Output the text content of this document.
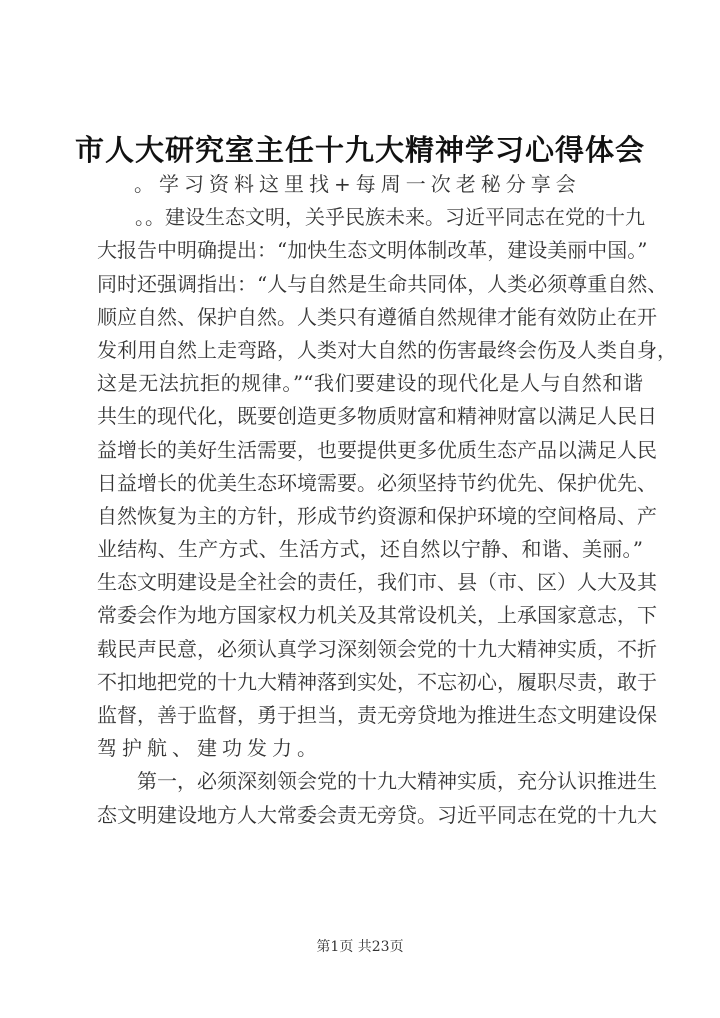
市人大研究室主任十九大精神学习心得体会
。学习资料这里找+每周一次老秘分享会
。。建设生态文明，关乎民族未来。习近平同志在党的十九
大报告中明确提出：“加快生态文明体制改革，建设美丽中国。”
同时还强调指出：“人与自然是生命共同体，人类必须尊重自然、
顺应自然、保护自然。人类只有遵循自然规律才能有效防止在开
发利用自然上走弯路，人类对大自然的伤害最终会伤及人类自身，
这是无法抗拒的规律。”“我们要建设的现代化是人与自然和谐
共生的现代化，既要创造更多物质财富和精神财富以满足人民日
益增长的美好生活需要，也要提供更多优质生态产品以满足人民
日益增长的优美生态环境需要。必须坚持节约优先、保护优先、
自然恢复为主的方针，形成节约资源和保护环境的空间格局、产
业结构、生产方式、生活方式，还自然以宁静、和谐、美丽。”
生态文明建设是全社会的责任，我们市、县（市、区）人大及其
常委会作为地方国家权力机关及其常设机关，上承国家意志，下
载民声民意，必须认真学习深刻领会党的十九大精神实质，不折
不扣地把党的十九大精神落到实处，不忘初心，履职尽责，敢于
监督，善于监督，勇于担当，责无旁贷地为推进生态文明建设保
驾护航、建功发力。
第一，必须深刻领会党的十九大精神实质，充分认识推进生
态文明建设地方人大常委会责无旁贷。习近平同志在党的十九大
第1页 共23页
